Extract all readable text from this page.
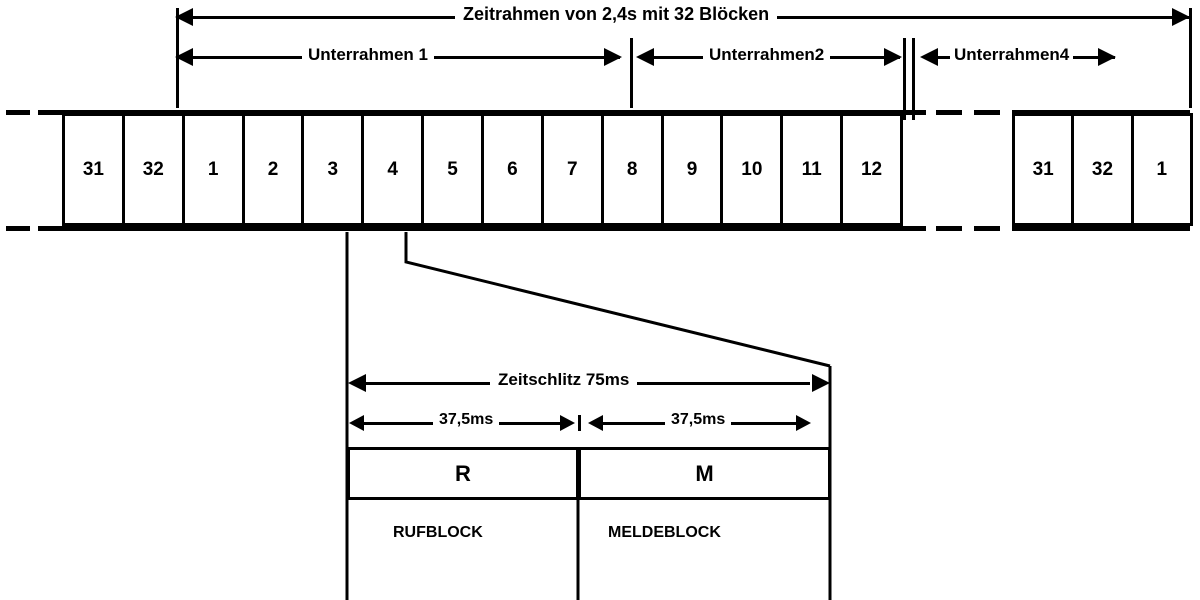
Zeitrahmen von 2,4s mit 32 Blöcken
Unterrahmen 1	Unterrahmen2	Unterrahmen4
31	32	1	2	3	4	5	6	7	8	9	10	11	12	31	32	1
Zeitschlitz 75ms
37,5ms	37,5ms
R	M
RUFBLOCK	MELDEBLOCK
